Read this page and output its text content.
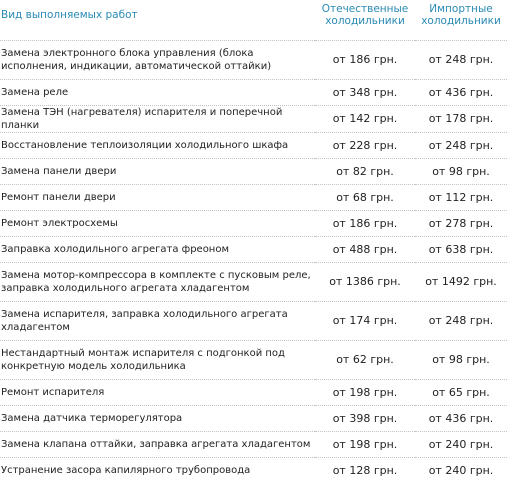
Вид выполняемых работ	Отечественные холодильники	Импортные холодильники
Замена электронного блока управления (блока исполнения, индикации, автоматической оттайки)	от 186 грн.	от 248 грн.
Замена реле	от 348 грн.	от 436 грн.
Замена ТЭН (нагревателя) испарителя и поперечной планки	от 142 грн.	от 178 грн.
Восстановление теплоизоляции холодильного шкафа	от 228 грн.	от 248 грн.
Замена панели двери	от 82 грн.	от 98 грн.
Ремонт панели двери	от 68 грн.	от 112 грн.
Ремонт электросхемы	от 186 грн.	от 278 грн.
Заправка холодильного агрегата фреоном	от 488 грн.	от 638 грн.
Замена мотор-компрессора в комплекте с пусковым реле, заправка холодильного агрегата хладагентом	от 1386 грн.	от 1492 грн.
Замена испарителя, заправка холодильного агрегата хладагентом	от 174 грн.	от 248 грн.
Нестандартный монтаж испарителя с подгонкой под конкретную модель холодильника	от 62 грн.	от 98 грн.
Ремонт испарителя	от 198 грн.	от 65 грн.
Замена датчика терморегулятора	от 398 грн.	от 436 грн.
Замена клапана оттайки, заправка агрегата хладагентом	от 198 грн.	от 240 грн.
Устранение засора капилярного трубопровода	от 128 грн.	от 240 грн.
